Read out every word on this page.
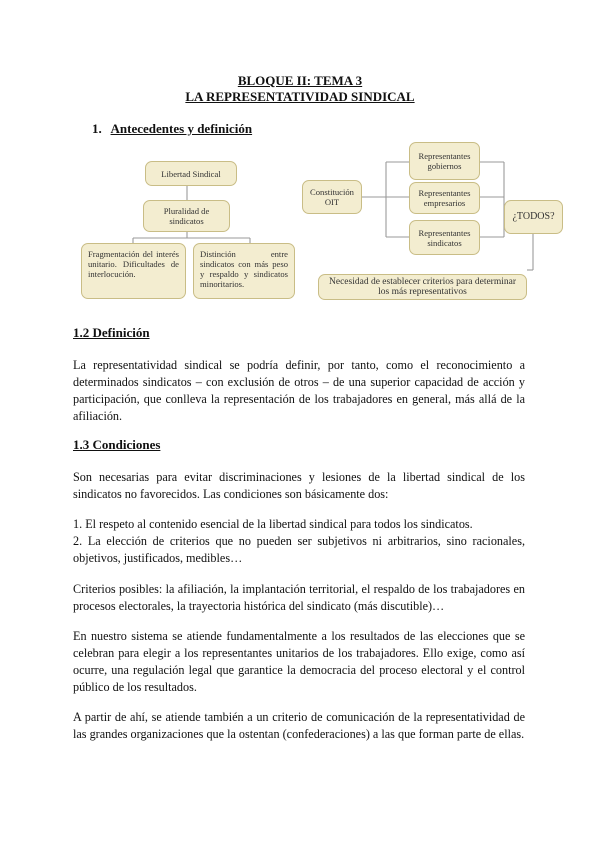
BLOQUE II: TEMA 3
LA REPRESENTATIVIDAD SINDICAL
1. Antecedentes y definición
Libertad Sindical
Pluralidad de sindicatos
Fragmentación del interés unitario. Dificultades de interlocución.
Distinción entre sindicatos con más peso y respaldo y sindicatos minoritarios.
Constitución OIT
Representantes gobiernos
Representantes empresarios
Representantes sindicatos
¿TODOS?
Necesidad de establecer criterios para determinar los más representativos
1.2 Definición

La representatividad sindical se podría definir, por tanto, como el reconocimiento a determinados sindicatos – con exclusión de otros – de una superior capacidad de acción y participación, que conlleva la representación de los trabajadores en general, más allá de la afiliación.

1.3 Condiciones

Son necesarias para evitar discriminaciones y lesiones de la libertad sindical de los sindicatos no favorecidos. Las condiciones son básicamente dos:

1. El respeto al contenido esencial de la libertad sindical para todos los sindicatos.

2. La elección de criterios que no pueden ser subjetivos ni arbitrarios, sino racionales, objetivos, justificados, medibles…

Criterios posibles: la afiliación, la implantación territorial, el respaldo de los trabajadores en procesos electorales, la trayectoria histórica del sindicato (más discutible)…

En nuestro sistema se atiende fundamentalmente a los resultados de las elecciones que se celebran para elegir a los representantes unitarios de los trabajadores. Ello exige, como así ocurre, una regulación legal que garantice la democracia del proceso electoral y el control público de los resultados.

A partir de ahí, se atiende también a un criterio de comunicación de la representatividad de las grandes organizaciones que la ostentan (confederaciones) a las que forman parte de ellas.
